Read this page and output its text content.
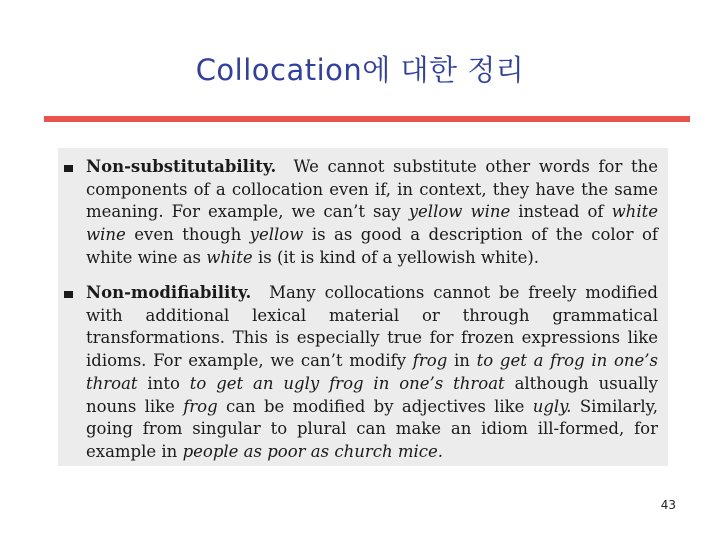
Collocation에 대한 정리
Non-substitutability. We cannot substitute other words for the components of a collocation even if, in context, they have the same meaning. For example, we can’t say yellow wine instead of white wine even though yellow is as good a description of the color of white wine as white is (it is kind of a yellowish white).
Non-modifiability. Many collocations cannot be freely modified with additional lexical material or through grammatical transformations. This is especially true for frozen expressions like idioms. For example, we can’t modify frog in to get a frog in one’s throat into to get an ugly frog in one’s throat although usually nouns like frog can be modified by adjectives like ugly. Similarly, going from singular to plural can make an idiom ill-formed, for example in people as poor as church mice.
43
